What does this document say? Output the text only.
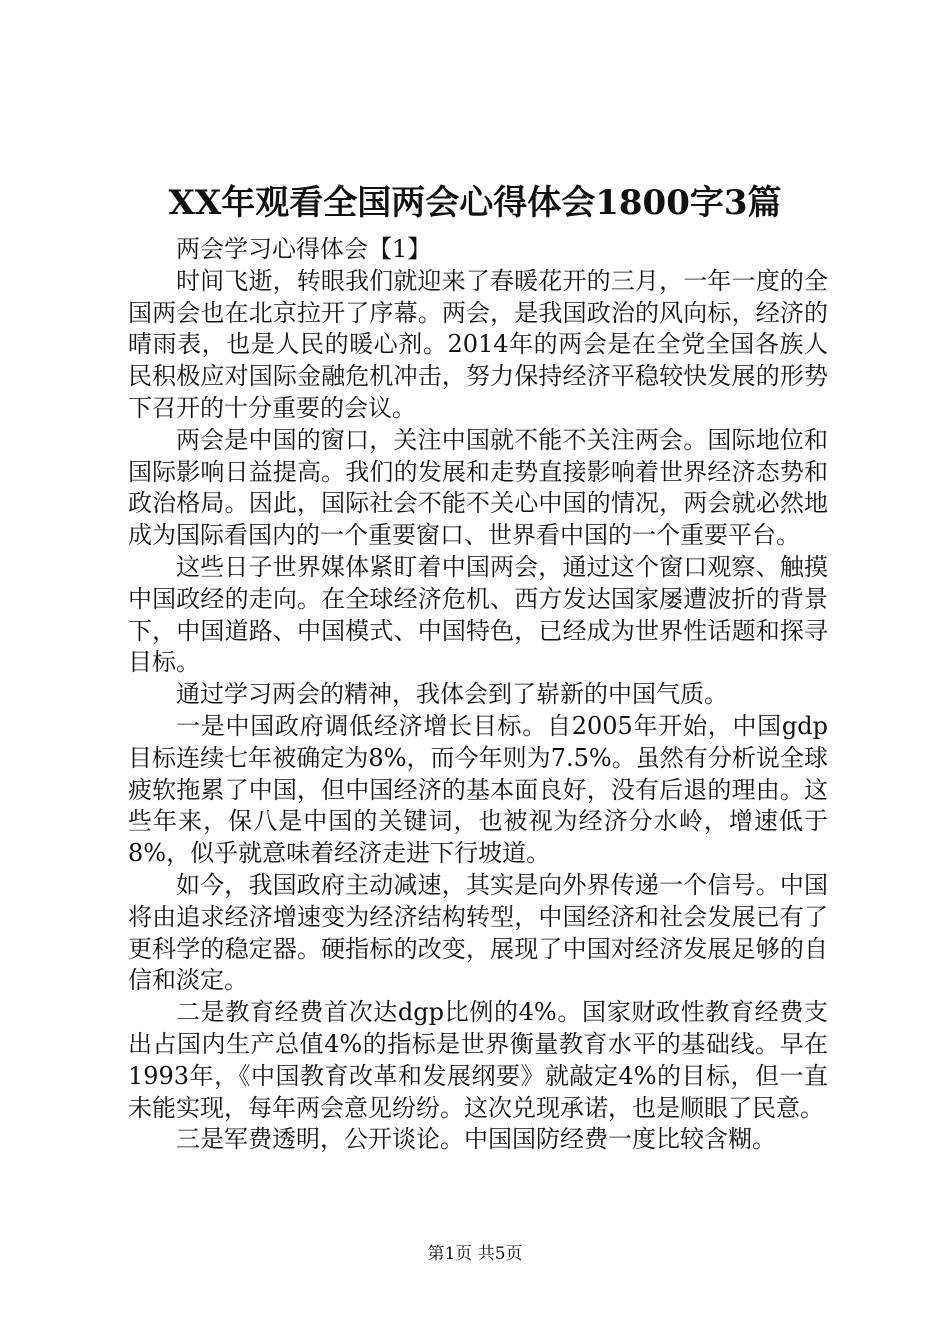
XX年观看全国两会心得体会1800字3篇

两会学习心得体会【1】

时间飞逝，转眼我们就迎来了春暖花开的三月，一年一度的全国两会也在北京拉开了序幕。两会，是我国政治的风向标，经济的晴雨表，也是人民的暖心剂。2014年的两会是在全党全国各族人民积极应对国际金融危机冲击，努力保持经济平稳较快发展的形势下召开的十分重要的会议。

两会是中国的窗口，关注中国就不能不关注两会。国际地位和国际影响日益提高。我们的发展和走势直接影响着世界经济态势和政治格局。因此，国际社会不能不关心中国的情况，两会就必然地成为国际看国内的一个重要窗口、世界看中国的一个重要平台。

这些日子世界媒体紧盯着中国两会，通过这个窗口观察、触摸中国政经的走向。在全球经济危机、西方发达国家屡遭波折的背景下，中国道路、中国模式、中国特色，已经成为世界性话题和探寻目标。

通过学习两会的精神，我体会到了崭新的中国气质。

一是中国政府调低经济增长目标。自2005年开始，中国gdp目标连续七年被确定为8%，而今年则为7.5%。虽然有分析说全球疲软拖累了中国，但中国经济的基本面良好，没有后退的理由。这些年来，保八是中国的关键词，也被视为经济分水岭，增速低于8%，似乎就意味着经济走进下行坡道。

如今，我国政府主动减速，其实是向外界传递一个信号。中国将由追求经济增速变为经济结构转型，中国经济和社会发展已有了更科学的稳定器。硬指标的改变，展现了中国对经济发展足够的自信和淡定。

二是教育经费首次达dgp比例的4%。国家财政性教育经费支出占国内生产总值4%的指标是世界衡量教育水平的基础线。早在1993年，《中国教育改革和发展纲要》就敲定4%的目标，但一直未能实现，每年两会意见纷纷。这次兑现承诺，也是顺眼了民意。

三是军费透明，公开谈论。中国国防经费一度比较含糊。

第1页 共5页
